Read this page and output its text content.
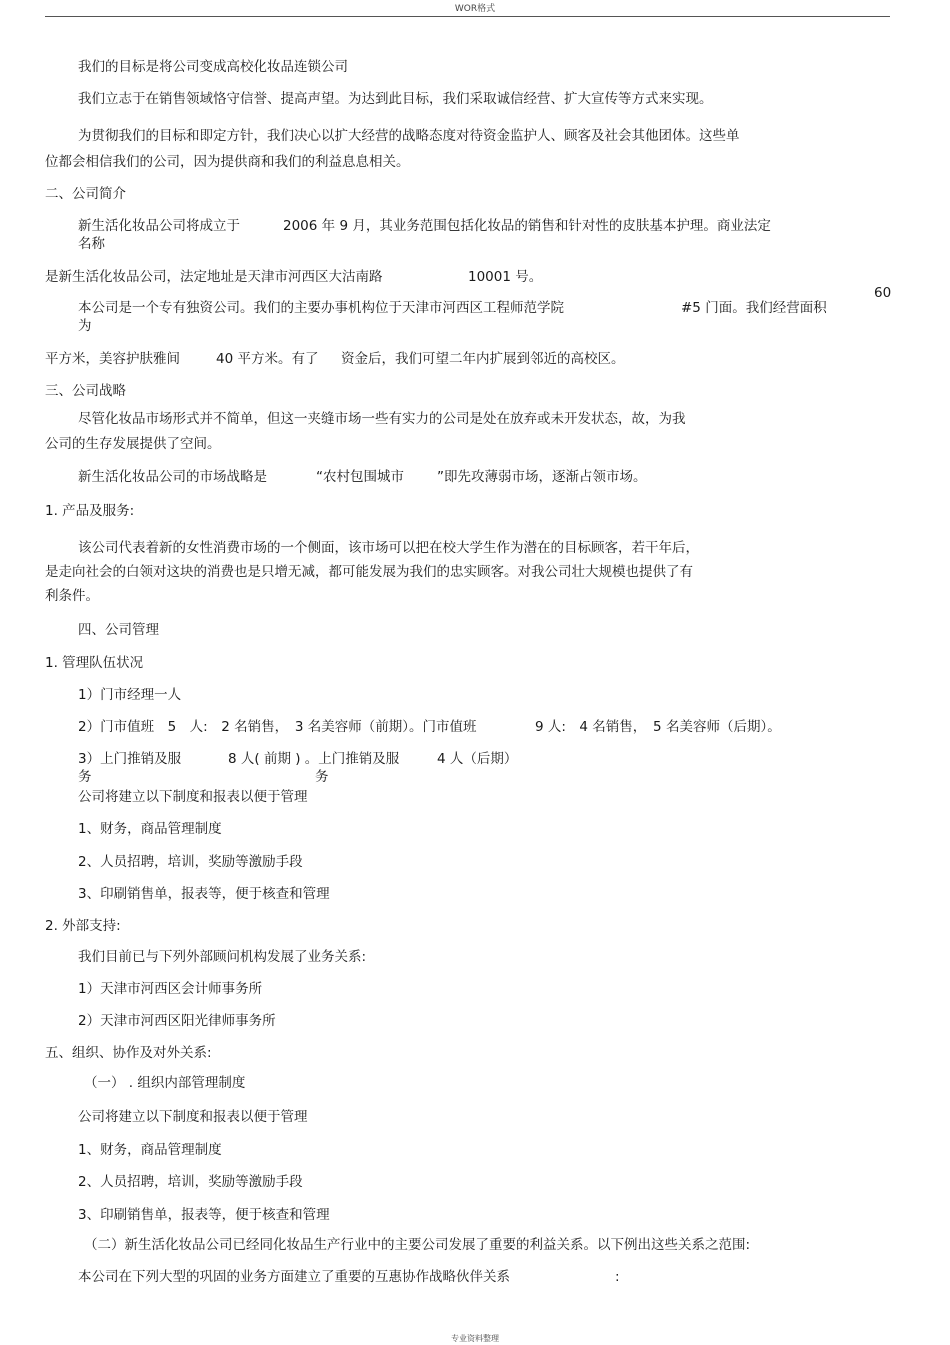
WOR格式
我们的目标是将公司变成高校化妆品连锁公司
我们立志于在销售领域恪守信誉、提高声望。为达到此目标，我们采取诚信经营、扩大宣传等方式来实现。
为贯彻我们的目标和即定方针，我们决心以扩大经营的战略态度对待资金监护人、顾客及社会其他团体。这些单
位都会相信我们的公司，因为提供商和我们的利益息息相关。
二、公司简介
新生活化妆品公司将成立于	2006 年 9 月，其业务范围包括化妆品的销售和针对性的皮肤基本护理。商业法定
名称
是新生活化妆品公司，法定地址是天津市河西区大沽南路	10001 号。
60
本公司是一个专有独资公司。我们的主要办事机构位于天津市河西区工程师范学院	#5 门面。我们经营面积
为
平方米，美容护肤雅间	40 平方米。有了 资金后，我们可望二年内扩展到邻近的高校区。
三、公司战略
尽管化妆品市场形式并不简单，但这一夹缝市场一些有实力的公司是处在放弃或未开发状态，故，为我
公司的生存发展提供了空间。
新生活化妆品公司的市场战略是	“农村包围城市 ”即先攻薄弱市场，逐渐占领市场。
1. 产品及服务:
该公司代表着新的女性消费市场的一个侧面，该市场可以把在校大学生作为潜在的目标顾客，若干年后，
是走向社会的白领对这块的消费也是只增无减，都可能发展为我们的忠实顾客。对我公司壮大规模也提供了有
利条件。
四、公司管理
1. 管理队伍状况
1）门市经理一人
2）门市值班　5　人:　2 名销售，　3 名美容师（前期）。门市值班	9 人:　4 名销售，　5 名美容师（后期）。
3）上门推销及服	8 人( 前期 ) 。上门推销及服	4 人（后期）
务	务
公司将建立以下制度和报表以便于管理
1、财务，商品管理制度
2、人员招聘，培训，奖励等激励手段
3、印刷销售单，报表等，便于核查和管理
2. 外部支持:
我们目前已与下列外部顾问机构发展了业务关系:
1）天津市河西区会计师事务所
2）天津市河西区阳光律师事务所
五、组织、协作及对外关系:
（一） . 组织内部管理制度
公司将建立以下制度和报表以便于管理
1、财务，商品管理制度
2、人员招聘，培训，奖励等激励手段
3、印刷销售单，报表等，便于核查和管理
（二）新生活化妆品公司已经同化妆品生产行业中的主要公司发展了重要的利益关系。以下例出这些关系之范围:
本公司在下列大型的巩固的业务方面建立了重要的互惠协作战略伙伴关系	:
专业资料整理
